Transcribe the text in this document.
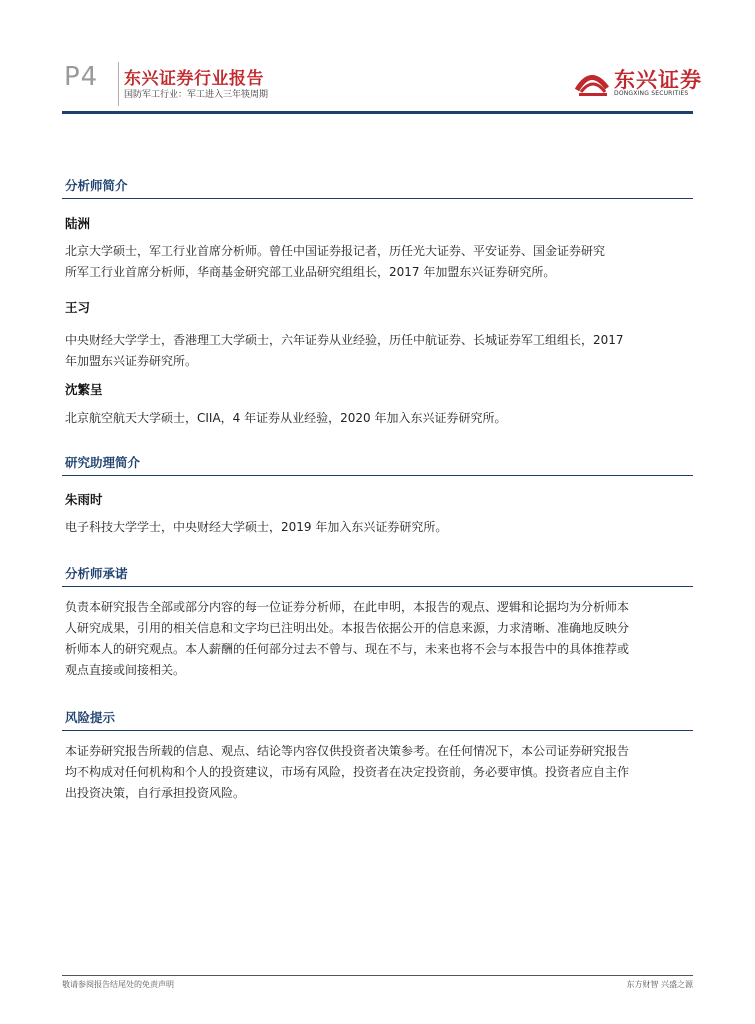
P4 东兴证券行业报告
国防军工行业：军工进入三年筷周期
东兴证券
DONGXING SECURITIES
分析师简介
陆洲
北京大学硕士，军工行业首席分析师。曾任中国证券报记者，历任光大证券、平安证券、国金证券研究
所军工行业首席分析师，华商基金研究部工业品研究组组长，2017 年加盟东兴证券研究所。
王习
中央财经大学学士，香港理工大学硕士，六年证券从业经验，历任中航证券、长城证券军工组组长，2017
年加盟东兴证券研究所。
沈繁呈
北京航空航天大学硕士，CIIA，4 年证券从业经验，2020 年加入东兴证券研究所。
研究助理简介
朱雨时
电子科技大学学士，中央财经大学硕士，2019 年加入东兴证券研究所。
分析师承诺
负责本研究报告全部或部分内容的每一位证券分析师，在此申明，本报告的观点、逻辑和论据均为分析师本
人研究成果，引用的相关信息和文字均已注明出处。本报告依据公开的信息来源，力求清晰、准确地反映分
析师本人的研究观点。本人薪酬的任何部分过去不曾与、现在不与，未来也将不会与本报告中的具体推荐或
观点直接或间接相关。
风险提示
本证券研究报告所载的信息、观点、结论等内容仅供投资者决策参考。在任何情况下，本公司证券研究报告
均不构成对任何机构和个人的投资建议，市场有风险，投资者在决定投资前，务必要审慎。投资者应自主作
出投资决策，自行承担投资风险。
敬请参阅报告结尾处的免责声明	东方财智 兴盛之源
